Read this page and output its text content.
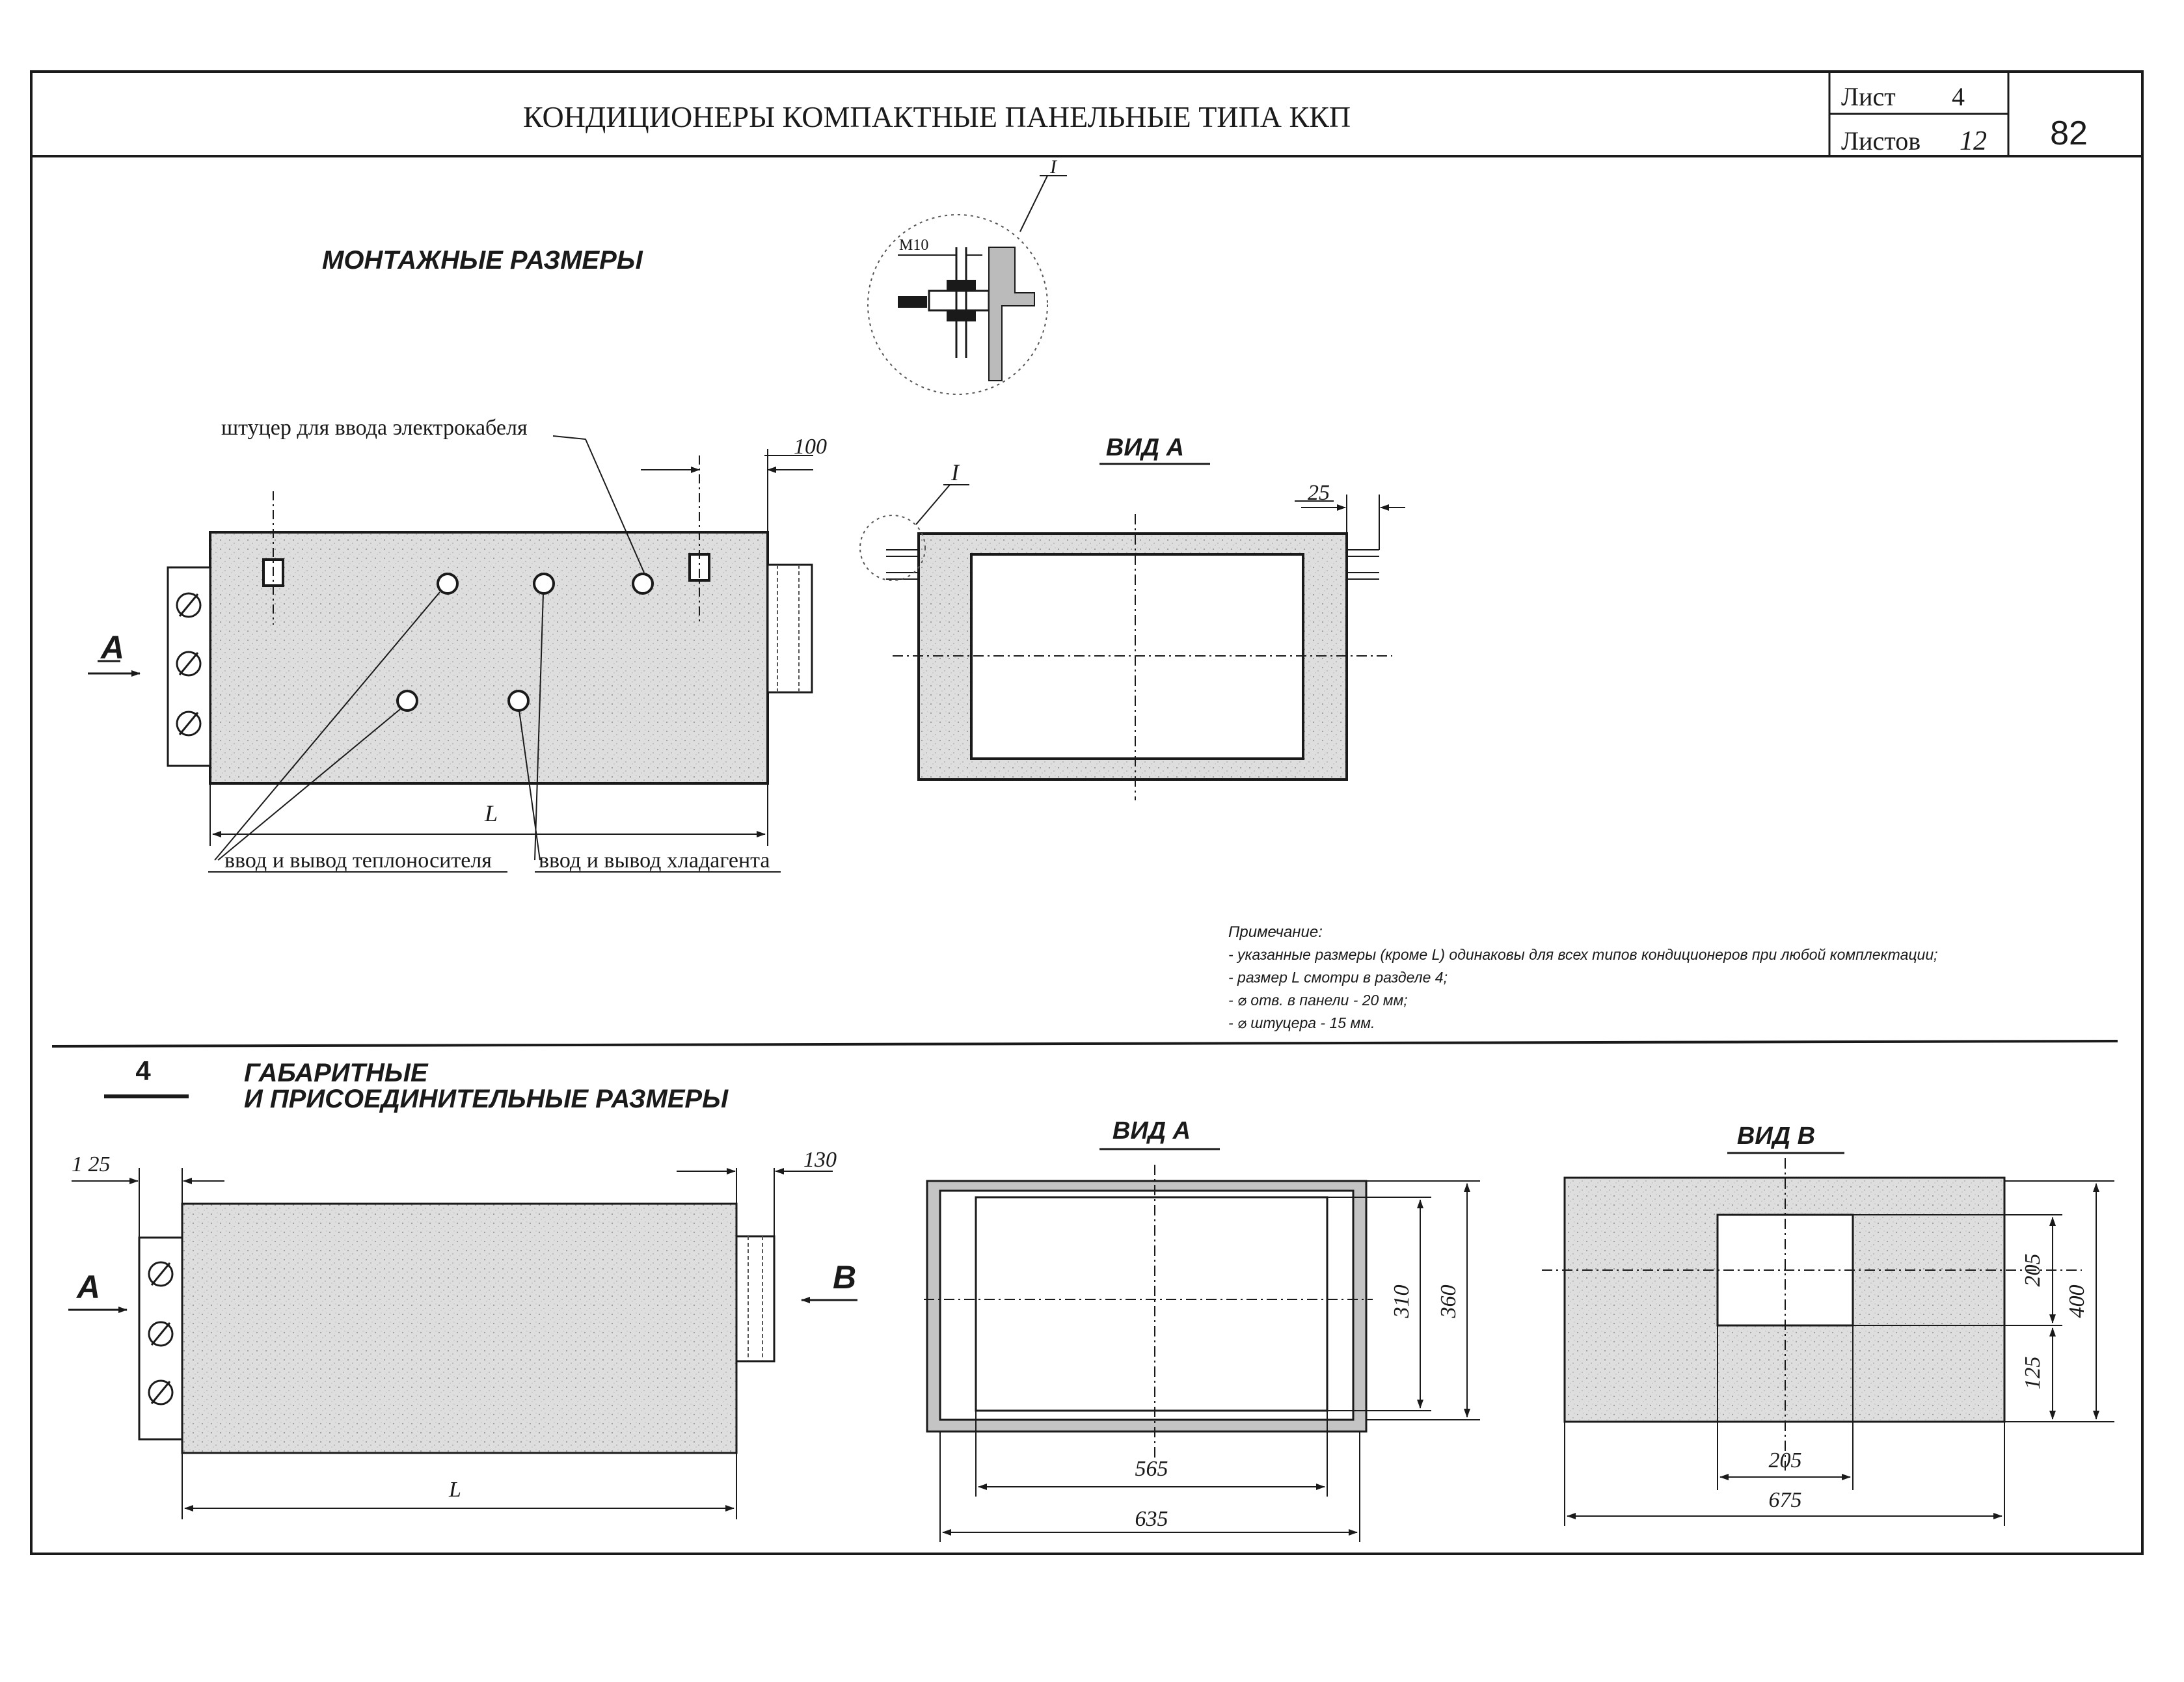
КОНДИЦИОНЕРЫ КОМПАКТНЫЕ ПАНЕЛЬНЫЕ ТИПА ККП
Лист 4
Листов 12 82
МОНТАЖНЫЕ РАЗМЕРЫ
M10
I
A
штуцер для ввода электрокабеля
ввод и вывод теплоносителя ввод и вывод хладагента
100
L
ВИД А
I
25
Примечание:
- указанные размеры (кроме L) одинаковы для всех типов кондиционеров при любой комплектации;
- размер L смотри в разделе 4;
- ⌀ отв. в панели - 20 мм;
- ⌀ штуцера - 15 мм.
4	ГАБАРИТНЫЕ
И ПРИСОЕДИНИТЕЛЬНЫЕ РАЗМЕРЫ
A	B
1 25	130
L
ВИД А
310 360
565
635
ВИД В
205
125
400
205
675
